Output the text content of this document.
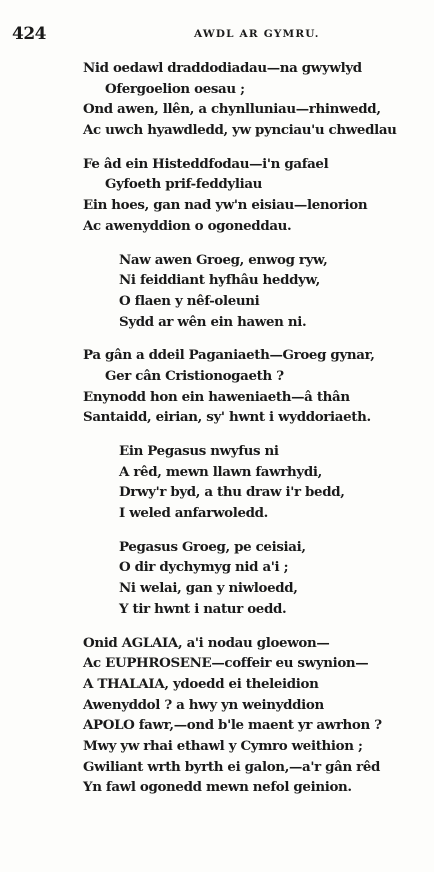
424	AWDL AR GYMRU.
Nid oedawl draddodiadau—na gwywlyd
Ofergoelion oesau ;
Ond awen, llên, a chynlluniau—rhinwedd,
Ac uwch hyawdledd, yw pynciau'u chwedlau
Fe âd ein Histeddfodau—i'n gafael
Gyfoeth prif-feddyliau
Ein hoes, gan nad yw'n eisiau—lenorion
Ac awenyddion o ogoneddau.
Naw awen Groeg, enwog ryw,
Ni feiddiant hyfhâu heddyw,
O flaen y nêf-oleuni
Sydd ar wên ein hawen ni.
Pa gân a ddeil Paganiaeth—Groeg gynar,
Ger cân Cristionogaeth ?
Enynodd hon ein haweniaeth—â thân
Santaidd, eirian, sy' hwnt i wyddoriaeth.
Ein Pegasus nwyfus ni
A rêd, mewn llawn fawrhydi,
Drwy'r byd, a thu draw i'r bedd,
I weled anfarwoledd.
Pegasus Groeg, pe ceisiai,
O dir dychymyg nid a'i ;
Ni welai, gan y niwloedd,
Y tir hwnt i natur oedd.
Onid AGLAIA, a'i nodau gloewon—
Ac EUPHROSENE—coffeir eu swynion—
A THALAIA, ydoedd ei theleidion
Awenyddol ? a hwy yn weinyddion
APOLO fawr,—ond b'le maent yr awrhon ?
Mwy yw rhai ethawl y Cymro weithion ;
Gwiliant wrth byrth ei galon,—a'r gân rêd
Yn fawl ogonedd mewn nefol geinion.
